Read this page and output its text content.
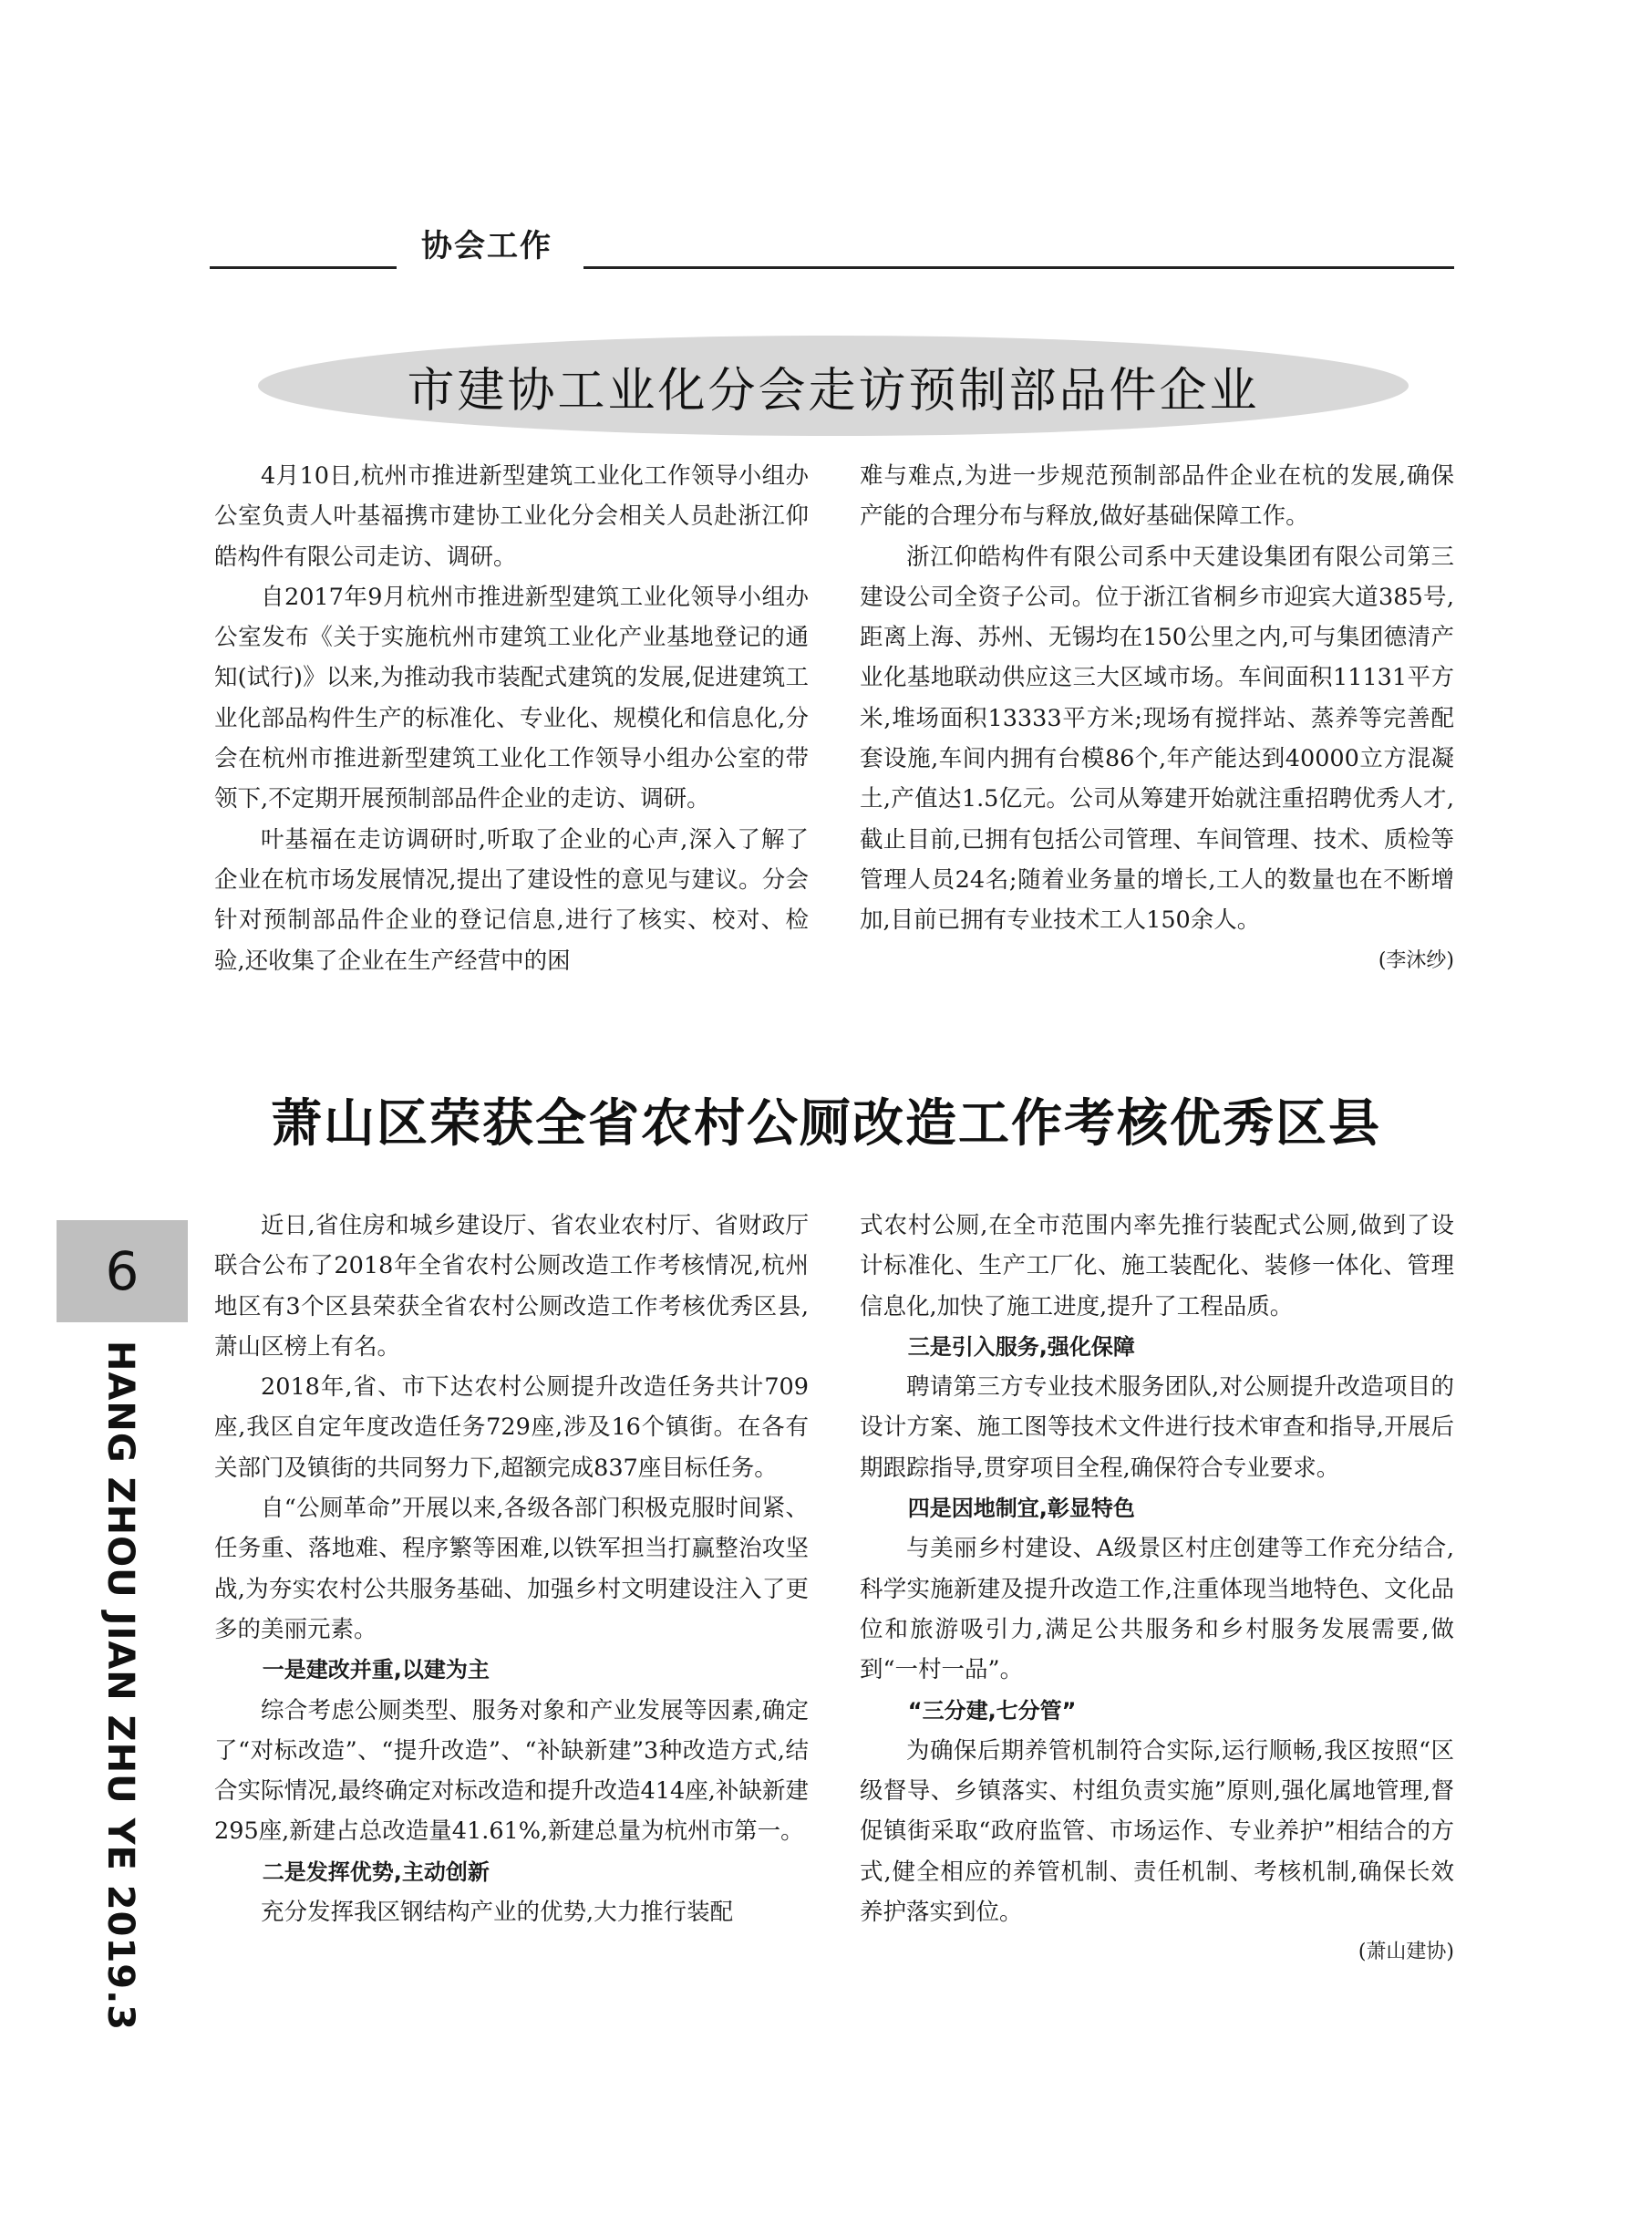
协会工作
市建协工业化分会走访预制部品件企业

4月10日,杭州市推进新型建筑工业化工作领导小组办公室负责人叶基福携市建协工业化分会相关人员赴浙江仰皓构件有限公司走访、调研。

自2017年9月杭州市推进新型建筑工业化领导小组办公室发布《关于实施杭州市建筑工业化产业基地登记的通知(试行)》以来,为推动我市装配式建筑的发展,促进建筑工业化部品构件生产的标准化、专业化、规模化和信息化,分会在杭州市推进新型建筑工业化工作领导小组办公室的带领下,不定期开展预制部品件企业的走访、调研。

叶基福在走访调研时,听取了企业的心声,深入了解了企业在杭市场发展情况,提出了建设性的意见与建议。分会针对预制部品件企业的登记信息,进行了核实、校对、检验,还收集了企业在生产经营中的困

难与难点,为进一步规范预制部品件企业在杭的发展,确保产能的合理分布与释放,做好基础保障工作。

浙江仰皓构件有限公司系中天建设集团有限公司第三建设公司全资子公司。位于浙江省桐乡市迎宾大道385号,距离上海、苏州、无锡均在150公里之内,可与集团德清产业化基地联动供应这三大区域市场。车间面积11131平方米,堆场面积13333平方米;现场有搅拌站、蒸养等完善配套设施,车间内拥有台模86个,年产能达到40000立方混凝土,产值达1.5亿元。公司从筹建开始就注重招聘优秀人才,截止目前,已拥有包括公司管理、车间管理、技术、质检等管理人员24名;随着业务量的增长,工人的数量也在不断增加,目前已拥有专业技术工人150余人。

(李沐纱)

萧山区荣获全省农村公厕改造工作考核优秀区县

近日,省住房和城乡建设厅、省农业农村厅、省财政厅联合公布了2018年全省农村公厕改造工作考核情况,杭州地区有3个区县荣获全省农村公厕改造工作考核优秀区县,萧山区榜上有名。

2018年,省、市下达农村公厕提升改造任务共计709座,我区自定年度改造任务729座,涉及16个镇街。在各有关部门及镇街的共同努力下,超额完成837座目标任务。

自“公厕革命”开展以来,各级各部门积极克服时间紧、任务重、落地难、程序繁等困难,以铁军担当打赢整治攻坚战,为夯实农村公共服务基础、加强乡村文明建设注入了更多的美丽元素。

一是建改并重,以建为主

综合考虑公厕类型、服务对象和产业发展等因素,确定了“对标改造”、“提升改造”、“补缺新建”3种改造方式,结合实际情况,最终确定对标改造和提升改造414座,补缺新建295座,新建占总改造量41.61%,新建总量为杭州市第一。

二是发挥优势,主动创新

充分发挥我区钢结构产业的优势,大力推行装配

式农村公厕,在全市范围内率先推行装配式公厕,做到了设计标准化、生产工厂化、施工装配化、装修一体化、管理信息化,加快了施工进度,提升了工程品质。

三是引入服务,强化保障

聘请第三方专业技术服务团队,对公厕提升改造项目的设计方案、施工图等技术文件进行技术审查和指导,开展后期跟踪指导,贯穿项目全程,确保符合专业要求。

四是因地制宜,彰显特色

与美丽乡村建设、A级景区村庄创建等工作充分结合,科学实施新建及提升改造工作,注重体现当地特色、文化品位和旅游吸引力,满足公共服务和乡村服务发展需要,做到“一村一品”。

“三分建,七分管”

为确保后期养管机制符合实际,运行顺畅,我区按照“区级督导、乡镇落实、村组负责实施”原则,强化属地管理,督促镇街采取“政府监管、市场运作、专业养护”相结合的方式,健全相应的养管机制、责任机制、考核机制,确保长效养护落实到位。

(萧山建协)

6
HANG ZHOU JIAN ZHU YE 2019.3
